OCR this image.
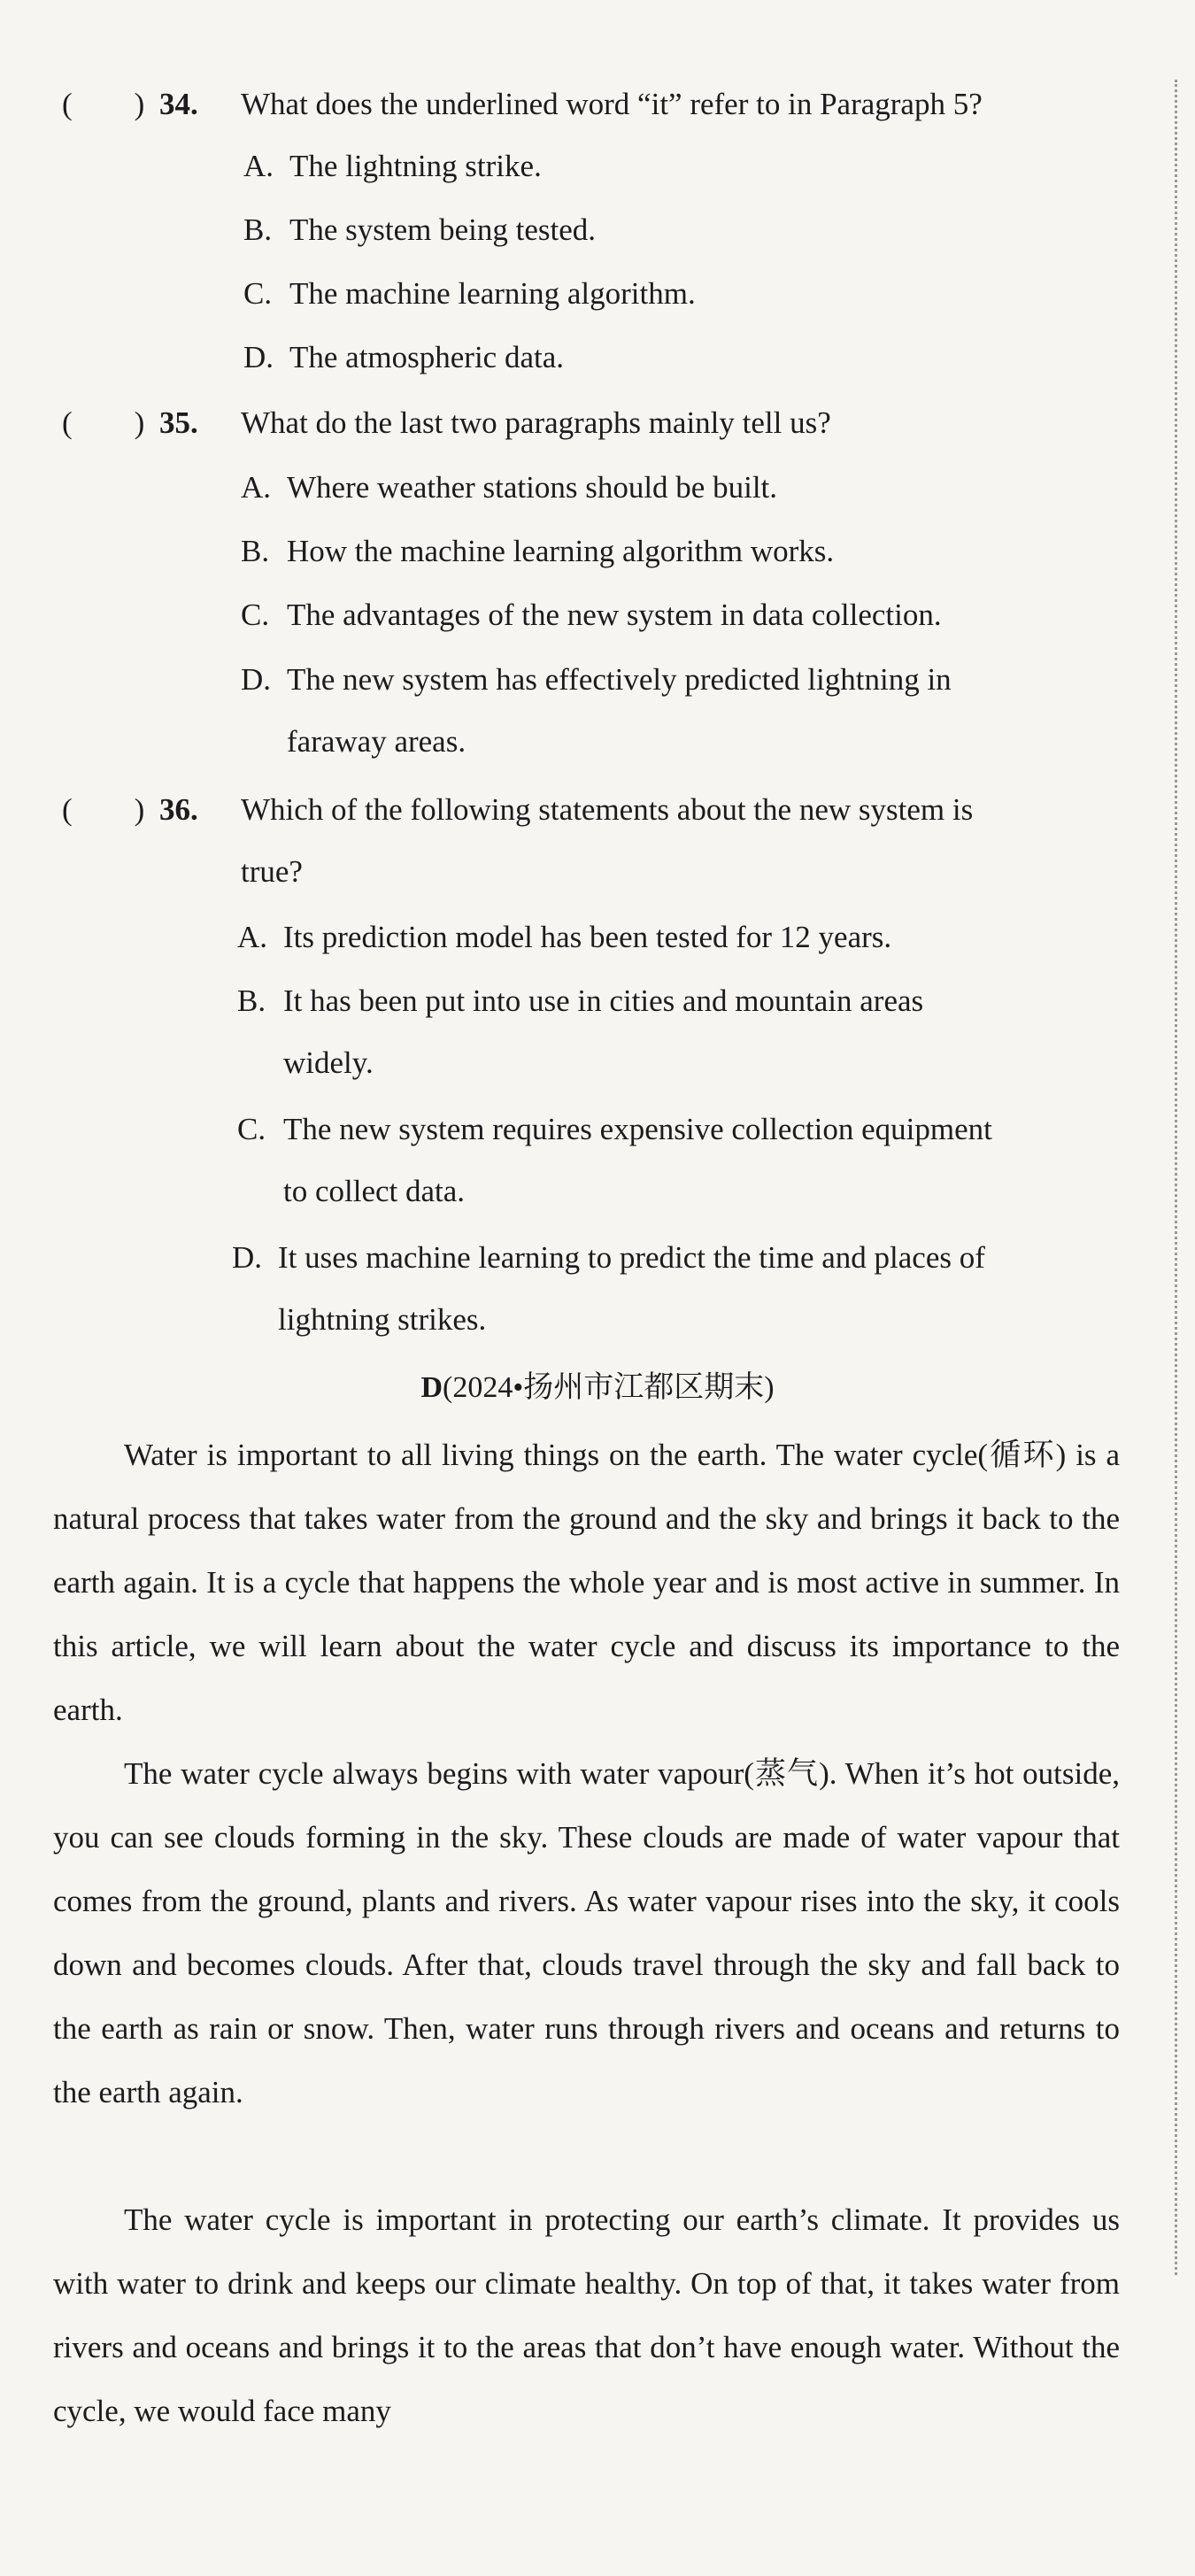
(　　) 34. What does the underlined word “it” refer to in Paragraph 5?
A. The lightning strike.
B. The system being tested.
C. The machine learning algorithm.
D. The atmospheric data.
(　　) 35. What do the last two paragraphs mainly tell us?
A. Where weather stations should be built.
B. How the machine learning algorithm works.
C. The advantages of the new system in data collection.
D. The new system has effectively predicted lightning in
faraway areas.
(　　) 36. Which of the following statements about the new system is
true?
A. Its prediction model has been tested for 12 years.
B. It has been put into use in cities and mountain areas
widely.
C. The new system requires expensive collection equipment
to collect data.
D. It uses machine learning to predict the time and places of
lightning strikes.
D(2024•扬州市江都区期末)

Water is important to all living things on the earth. The water cycle(循环) is a natural process that takes water from the ground and the sky and brings it back to the earth again. It is a cycle that happens the whole year and is most active in summer. In this article, we will learn about the water cycle and discuss its importance to the earth.

The water cycle always begins with water vapour(蒸气). When it’s hot outside, you can see clouds forming in the sky. These clouds are made of water vapour that comes from the ground, plants and rivers. As water vapour rises into the sky, it cools down and becomes clouds. After that, clouds travel through the sky and fall back to the earth as rain or snow. Then, water runs through rivers and oceans and returns to the earth again.

The water cycle is important in protecting our earth’s climate. It provides us with water to drink and keeps our climate healthy. On top of that, it takes water from rivers and oceans and brings it to the areas that don’t have enough water. Without the cycle, we would face many
